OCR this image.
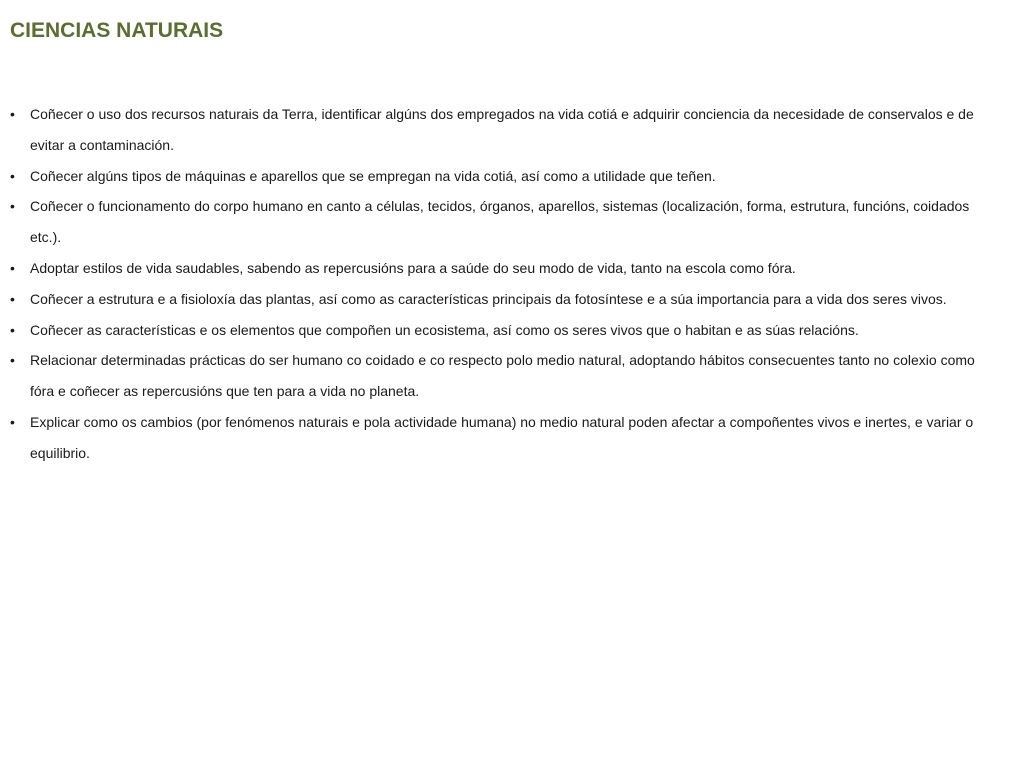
CIENCIAS NATURAIS
• Coñecer o uso dos recursos naturais da Terra, identificar algúns dos empregados na vida cotiá e adquirir conciencia da necesidade de conservalos e de evitar a contaminación.
• Coñecer algúns tipos de máquinas e aparellos que se empregan na vida cotiá, así como a utilidade que teñen.
• Coñecer o funcionamento do corpo humano en canto a células, tecidos, órganos, aparellos, sistemas (localización, forma, estrutura, funcións, coidados etc.).
• Adoptar estilos de vida saudables, sabendo as repercusións para a saúde do seu modo de vida, tanto na escola como fóra.
• Coñecer a estrutura e a fisioloxía das plantas, así como as características principais da fotosíntese e a súa importancia para a vida dos seres vivos.
• Coñecer as características e os elementos que compoñen un ecosistema, así como os seres vivos que o habitan e as súas relacións.
• Relacionar determinadas prácticas do ser humano co coidado e co respecto polo medio natural, adoptando hábitos consecuentes tanto no colexio como fóra e coñecer as repercusións que ten para a vida no planeta.
• Explicar como os cambios (por fenómenos naturais e pola actividade humana) no medio natural poden afectar a compoñentes vivos e inertes, e variar o equilibrio.
